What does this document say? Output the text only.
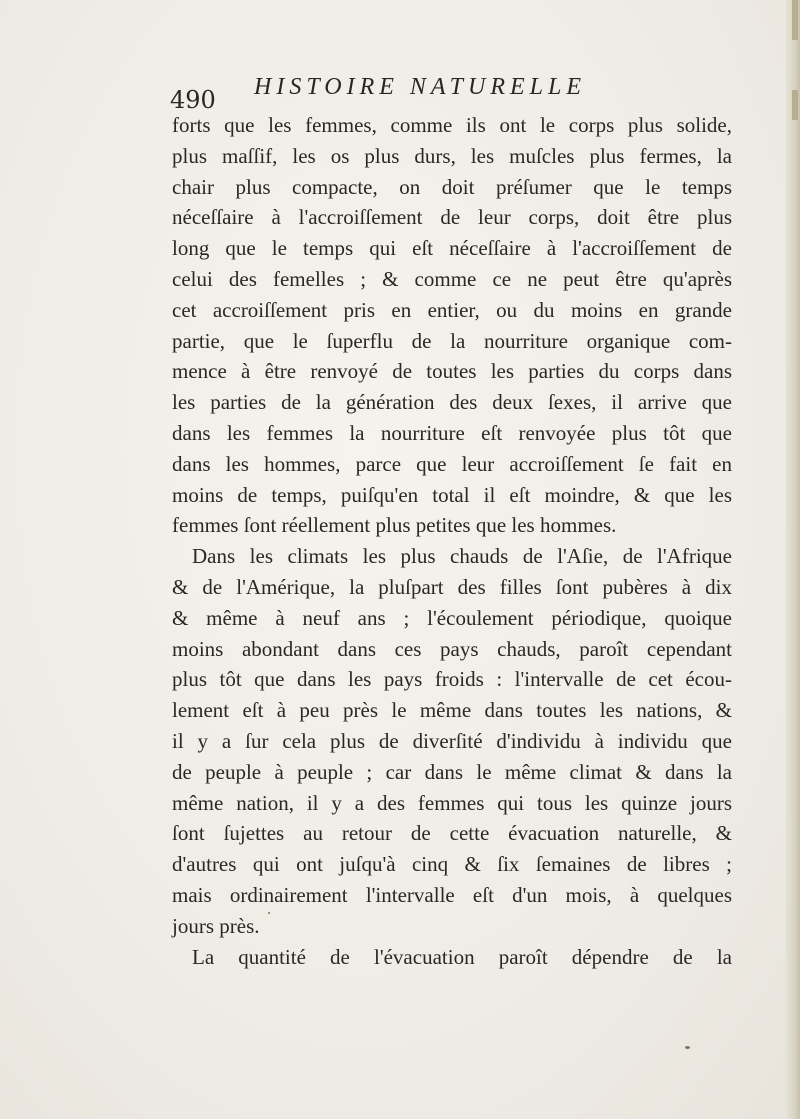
490 HISTOIRE NATURELLE
forts que les femmes, comme ils ont le corps plus solide,
plus maſſif, les os plus durs, les muſcles plus fermes, la
chair plus compacte, on doit préſumer que le temps
néceſſaire à l'accroiſſement de leur corps, doit être plus
long que le temps qui eſt néceſſaire à l'accroiſſement de
celui des femelles ; & comme ce ne peut être qu'après
cet accroiſſement pris en entier, ou du moins en grande
partie, que le ſuperflu de la nourriture organique com-
mence à être renvoyé de toutes les parties du corps dans
les parties de la génération des deux ſexes, il arrive que
dans les femmes la nourriture eſt renvoyée plus tôt que
dans les hommes, parce que leur accroiſſement ſe fait en
moins de temps, puiſqu'en total il eſt moindre, & que les
femmes ſont réellement plus petites que les hommes.
Dans les climats les plus chauds de l'Aſie, de l'Afrique
& de l'Amérique, la pluſpart des filles ſont pubères à dix
& même à neuf ans ; l'écoulement périodique, quoique
moins abondant dans ces pays chauds, paroît cependant
plus tôt que dans les pays froids : l'intervalle de cet écou-
lement eſt à peu près le même dans toutes les nations, &
il y a ſur cela plus de diverſité d'individu à individu que
de peuple à peuple ; car dans le même climat & dans la
même nation, il y a des femmes qui tous les quinze jours
ſont ſujettes au retour de cette évacuation naturelle, &
d'autres qui ont juſqu'à cinq & ſix ſemaines de libres ;
mais ordinairement l'intervalle eſt d'un mois, à quelques
jours près.
La quantité de l'évacuation paroît dépendre de la
